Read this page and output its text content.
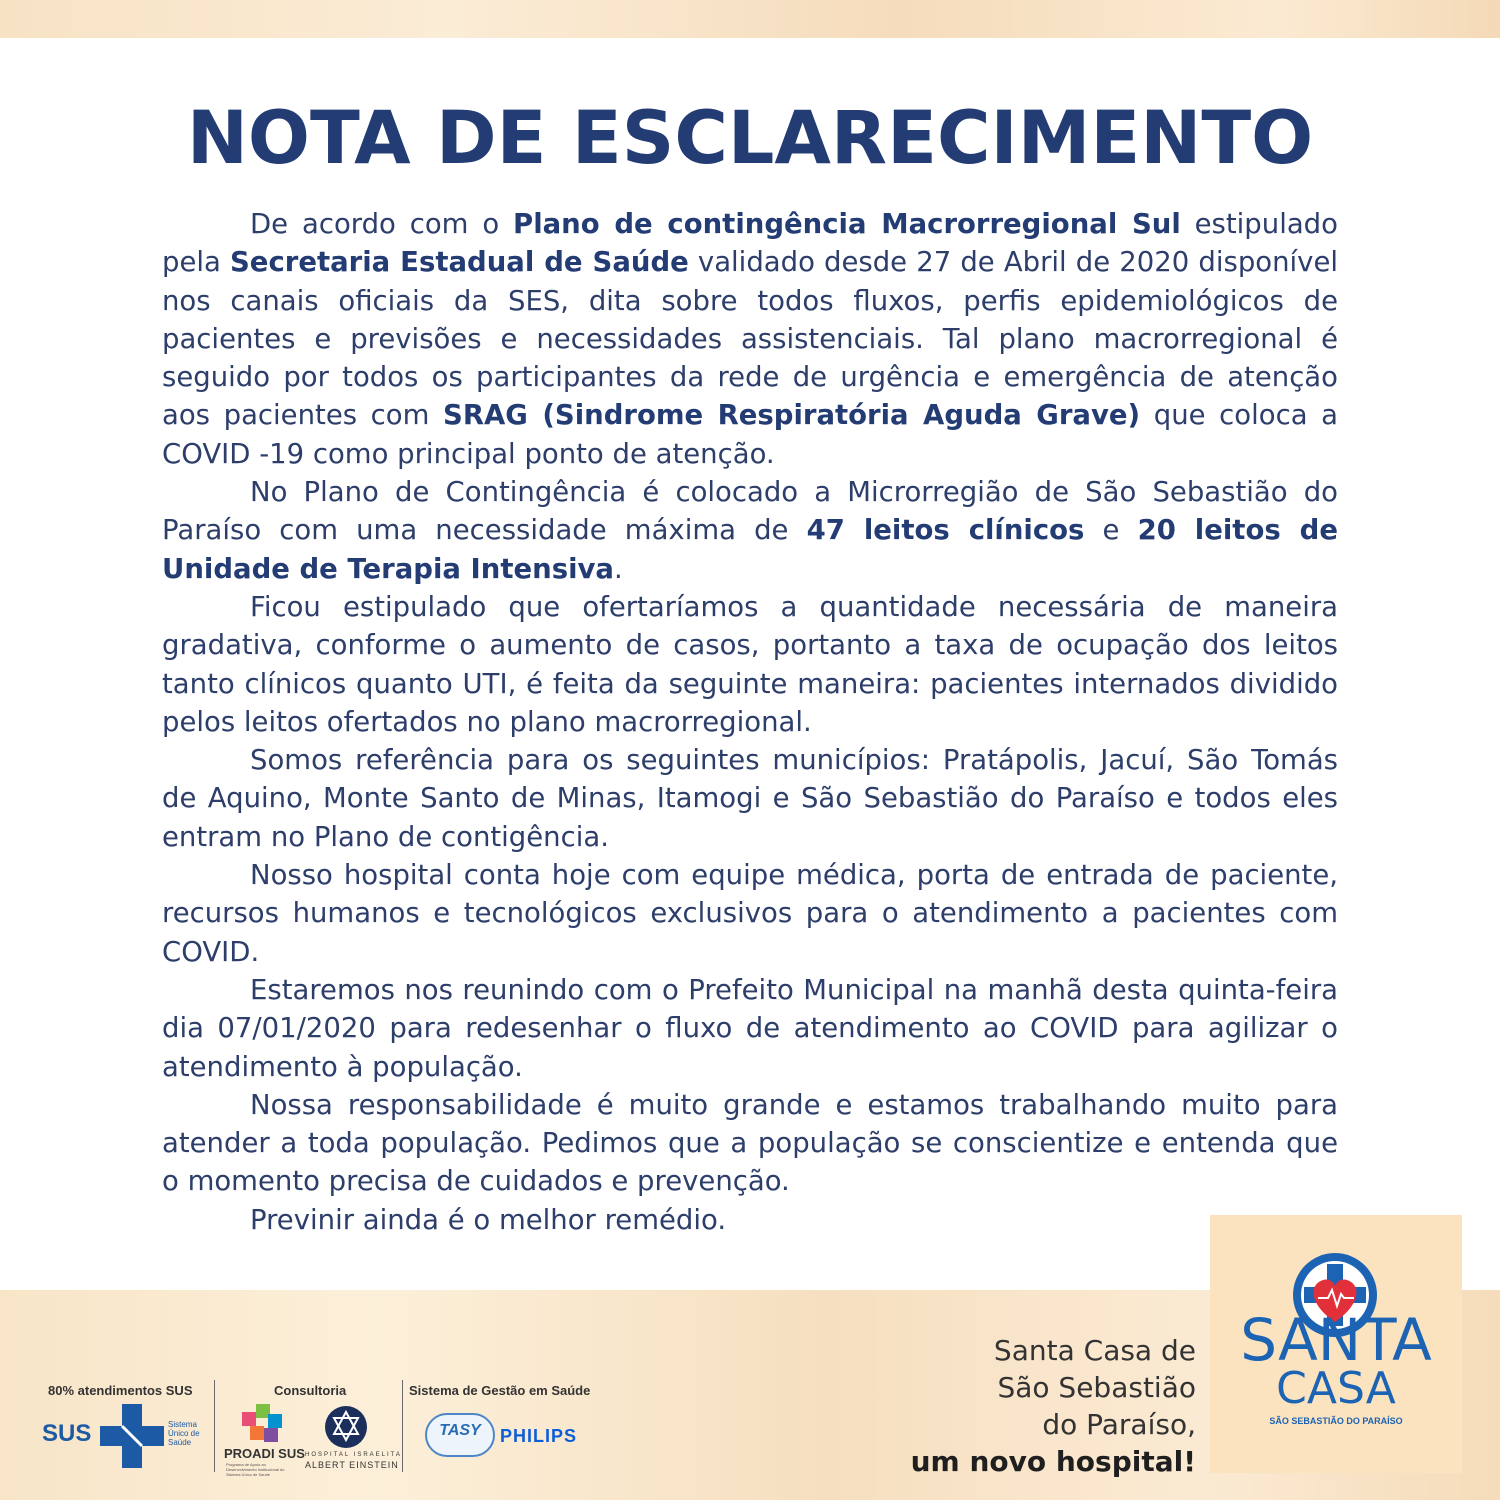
NOTA DE ESCLARECIMENTO

De acordo com o Plano de contingência Macrorregional Sul estipulado pela Secretaria Estadual de Saúde validado desde 27 de Abril de 2020 disponível nos canais oficiais da SES, dita sobre todos fluxos, perfis epidemiológicos de pacientes e previsões e necessidades assistenciais. Tal plano macrorregional é seguido por todos os participantes da rede de urgência e emergência de atenção aos pacientes com SRAG (Sindrome Respiratória Aguda Grave) que coloca a COVID -19 como principal ponto de atenção.

No Plano de Contingência é colocado a Microrregião de São Sebastião do Paraíso com uma necessidade máxima de 47 leitos clínicos e 20 leitos de Unidade de Terapia Intensiva.

Ficou estipulado que ofertaríamos a quantidade necessária de maneira gradativa, conforme o aumento de casos, portanto a taxa de ocupação dos leitos tanto clínicos quanto UTI, é feita da seguinte maneira: pacientes internados dividido pelos leitos ofertados no plano macrorregional.

Somos referência para os seguintes municípios: Pratápolis, Jacuí, São Tomás de Aquino, Monte Santo de Minas, Itamogi e São Sebastião do Paraíso e todos eles entram no Plano de contigência.

Nosso hospital conta hoje com equipe médica, porta de entrada de paciente, recursos humanos e tecnológicos exclusivos para o atendimento a pacientes com COVID.

Estaremos nos reunindo com o Prefeito Municipal na manhã desta quinta-feira dia 07/01/2020 para redesenhar o fluxo de atendimento ao COVID para agilizar o atendimento à população.

Nossa responsabilidade é muito grande e estamos trabalhando muito para atender a toda população. Pedimos que a população se conscientize e entenda que o momento precisa de cuidados e prevenção.

Previnir ainda é o melhor remédio.

80% atendimentos SUS
SUS	Sistema Único de Saúde
Consultoria
PROADI SUS
Programa de Apoio ao Desenvolvimento Institucional do Sistema Único de Saúde
HOSPITAL ISRAELITA
ALBERT EINSTEIN
Sistema de Gestão em Saúde
TASY	PHILIPS
Santa Casa de
São Sebastião
do Paraíso,
um novo hospital!
SANTA
CASA
SÃO SEBASTIÃO DO PARAÍSO
